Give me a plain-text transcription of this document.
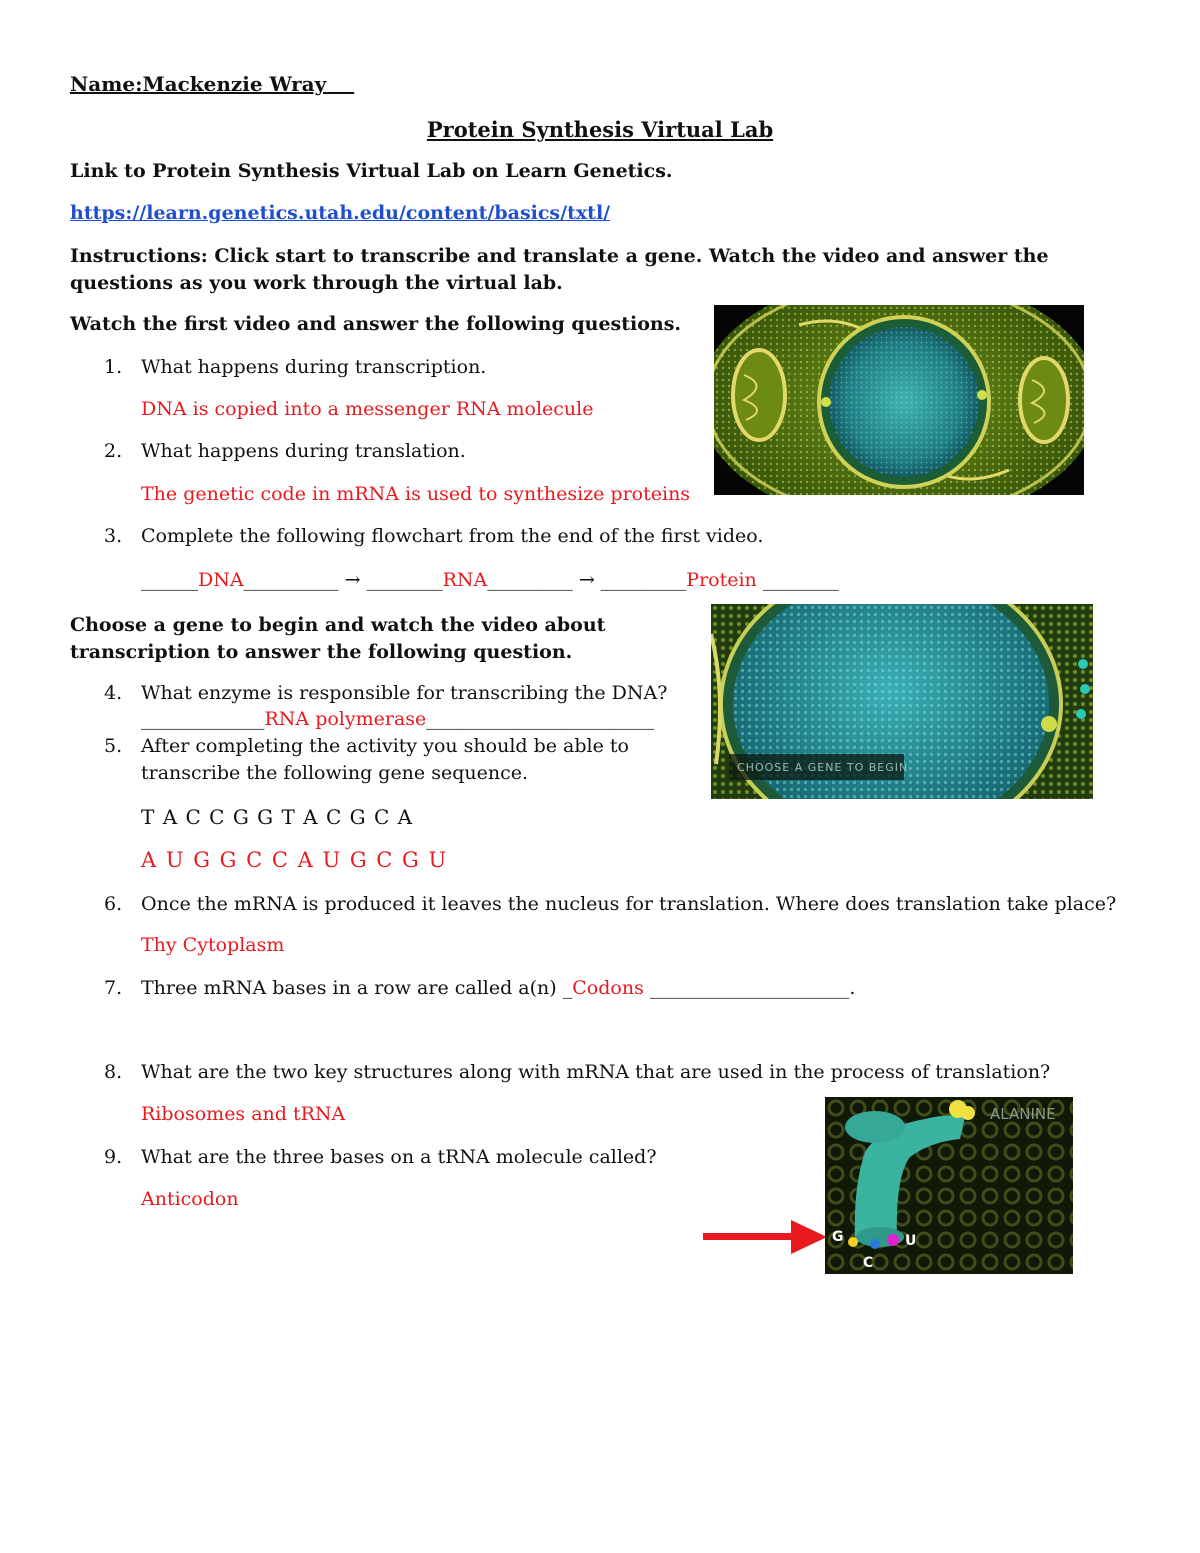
Name:Mackenzie Wray
Protein Synthesis Virtual Lab
Link to Protein Synthesis Virtual Lab on Learn Genetics.
https://learn.genetics.utah.edu/content/basics/txtl/
Instructions: Click start to transcribe and translate a gene. Watch the video and answer the
questions as you work through the virtual lab.
Watch the first video and answer the following questions.
1. What happens during transcription.
DNA is copied into a messenger RNA molecule
2. What happens during translation.
The genetic code in mRNA is used to synthesize proteins
3. Complete the following flowchart from the end of the first video.
______DNA__________ → ________RNA_________ → _________Protein ________
Choose a gene to begin and watch the video about
transcription to answer the following question.
4. What enzyme is responsible for transcribing the DNA?
_____________RNA polymerase________________________
5. After completing the activity you should be able to
transcribe the following gene sequence.
T A C C G G T A C G C A
A U G G C C A U G C G U
6. Once the mRNA is produced it leaves the nucleus for translation. Where does translation take place?
Thy Cytoplasm
7. Three mRNA bases in a row are called a(n) _Codons _____________________.
8. What are the two key structures along with mRNA that are used in the process of translation?
Ribosomes and tRNA
9. What are the three bases on a tRNA molecule called?
Anticodon
CHOOSE A GENE TO BEGIN
ALANINE
G
C
U
